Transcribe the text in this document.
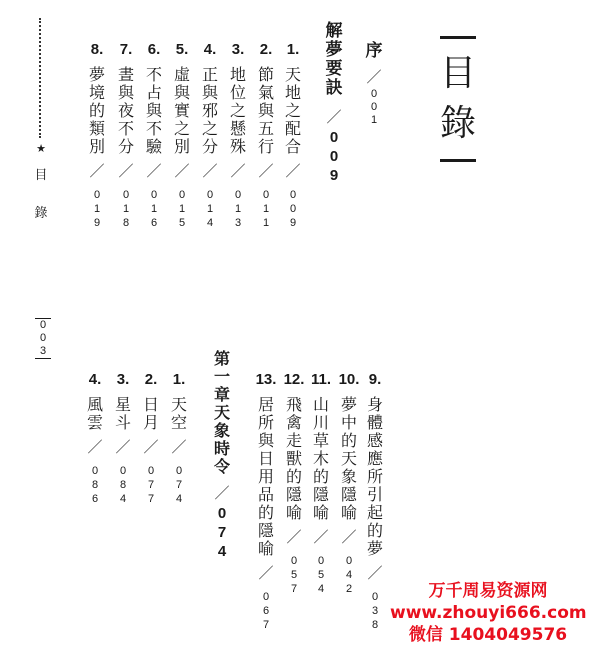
目
錄
★
目
錄
0
0
3
序
／
001
解夢要訣
／
009
1.
天地之配合
／
009
2.
節氣與五行
／
011
3.
地位之懸殊
／
013
4.
正與邪之分
／
014
5.
虛與實之別
／
015
6.
不占與不驗
／
016
7.
晝與夜不分
／
018
8.
夢境的類別
／
019
9.
身體感應所引起的夢
／
038
10.
夢中的天象隱喻
／
042
11.
山川草木的隱喻
／
054
12.
飛禽走獸的隱喻
／
057
13.
居所與日用品的隱喻
／
067
第一章　天象時令
／
074
1.
天空
／
074
2.
日月
／
077
3.
星斗
／
084
4.
風雲
／
086
万千周易资源网
www.zhouyi666.com
微信 1404049576
